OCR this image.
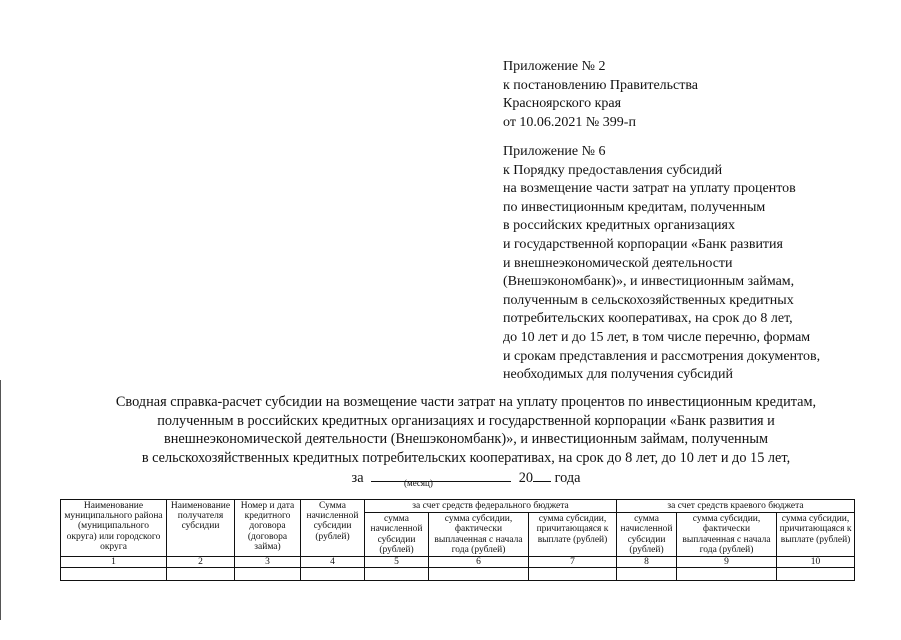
Приложение № 2
к постановлению Правительства
Красноярского края
от 10.06.2021 № 399-п
Приложение № 6
к Порядку предоставления субсидий
на возмещение части затрат на уплату процентов
по инвестиционным кредитам, полученным
в российских кредитных организациях
и государственной корпорации «Банк развития
и внешнеэкономической деятельности
(Внешэкономбанк)», и инвестиционным займам,
полученным в сельскохозяйственных кредитных
потребительских кооперативах, на срок до 8 лет,
до 10 лет и до 15 лет, в том числе перечню, формам
и срокам представления и рассмотрения документов,
необходимых для получения субсидий
Сводная справка-расчет субсидии на возмещение части затрат на уплату процентов по инвестиционным кредитам,
полученным в российских кредитных организациях и государственной корпорации «Банк развития и
внешнеэкономической деятельности (Внешэкономбанк)», и инвестиционным займам, полученным
в сельскохозяйственных кредитных потребительских кооперативах, на срок до 8 лет, до 10 лет и до 15 лет,
за	20 года
(месяц)
Наименование муниципального района (муниципального округа) или городского округа	Наименование получателя субсидии	Номер и дата кредитного договора (договора займа)	Сумма начисленной субсидии (рублей)	за счет средств федерального бюджета			за счет средств краевого бюджета		
				сумма начисленной субсидии (рублей)	сумма субсидии, фактически выплаченная с начала года (рублей)	сумма субсидии, причитающаяся к выплате (рублей)	сумма начисленной субсидии (рублей)	сумма субсидии, фактически выплаченная с начала года (рублей)	сумма субсидии, причитающаяся к выплате (рублей)
1	2	3	4	5	6	7	8	9	10
